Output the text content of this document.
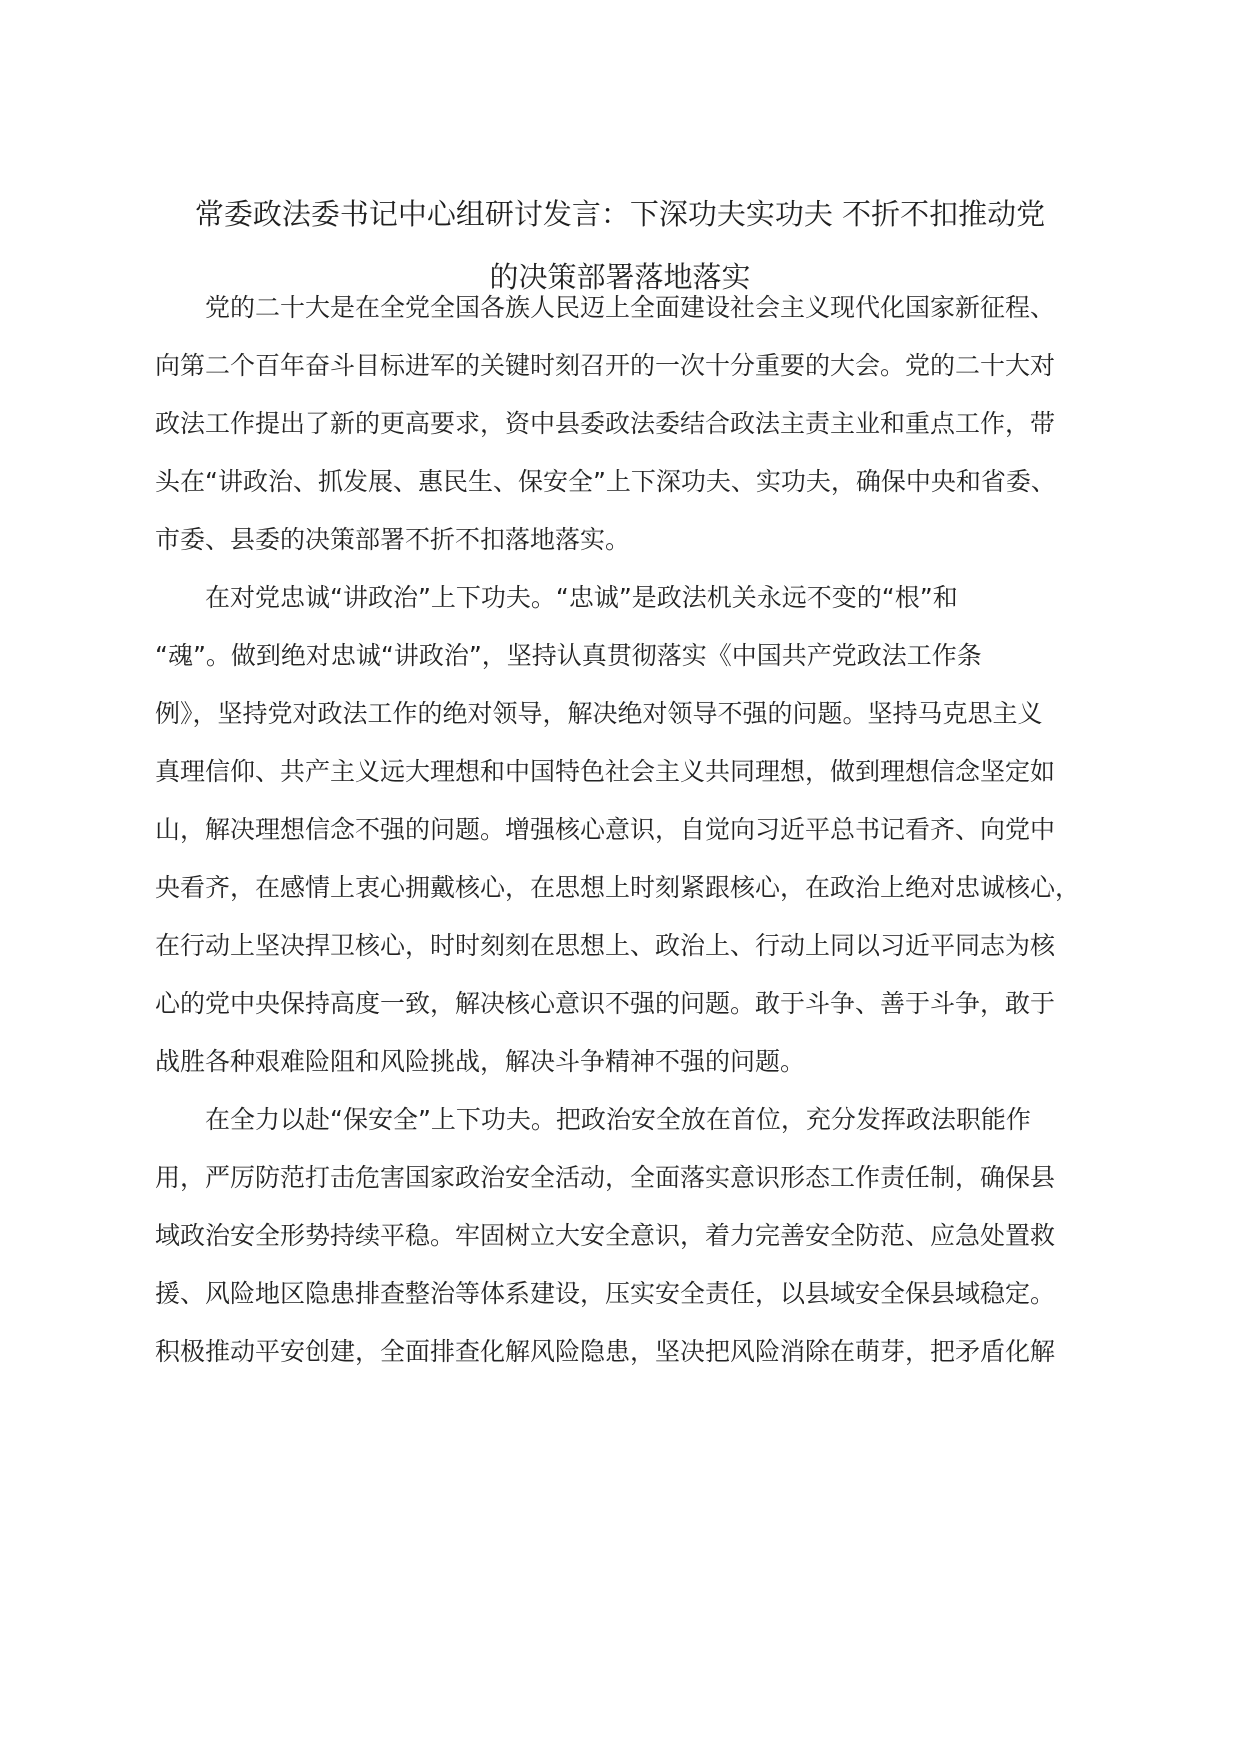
常委政法委书记中心组研讨发言：下深功夫实功夫 不折不扣推动党
的决策部署落地落实
党的二十大是在全党全国各族人民迈上全面建设社会主义现代化国家新征程、
向第二个百年奋斗目标进军的关键时刻召开的一次十分重要的大会。党的二十大对
政法工作提出了新的更高要求，资中县委政法委结合政法主责主业和重点工作，带
头在“讲政治、抓发展、惠民生、保安全”上下深功夫、实功夫，确保中央和省委、
市委、县委的决策部署不折不扣落地落实。
在对党忠诚“讲政治”上下功夫。“忠诚”是政法机关永远不变的“根”和
“魂”。做到绝对忠诚“讲政治”，坚持认真贯彻落实《中国共产党政法工作条
例》，坚持党对政法工作的绝对领导，解决绝对领导不强的问题。坚持马克思主义
真理信仰、共产主义远大理想和中国特色社会主义共同理想，做到理想信念坚定如
山，解决理想信念不强的问题。增强核心意识，自觉向习近平总书记看齐、向党中
央看齐，在感情上衷心拥戴核心，在思想上时刻紧跟核心，在政治上绝对忠诚核心，
在行动上坚决捍卫核心，时时刻刻在思想上、政治上、行动上同以习近平同志为核
心的党中央保持高度一致，解决核心意识不强的问题。敢于斗争、善于斗争，敢于
战胜各种艰难险阻和风险挑战，解决斗争精神不强的问题。
在全力以赴“保安全”上下功夫。把政治安全放在首位，充分发挥政法职能作
用，严厉防范打击危害国家政治安全活动，全面落实意识形态工作责任制，确保县
域政治安全形势持续平稳。牢固树立大安全意识，着力完善安全防范、应急处置救
援、风险地区隐患排查整治等体系建设，压实安全责任，以县域安全保县域稳定。
积极推动平安创建，全面排查化解风险隐患，坚决把风险消除在萌芽，把矛盾化解
